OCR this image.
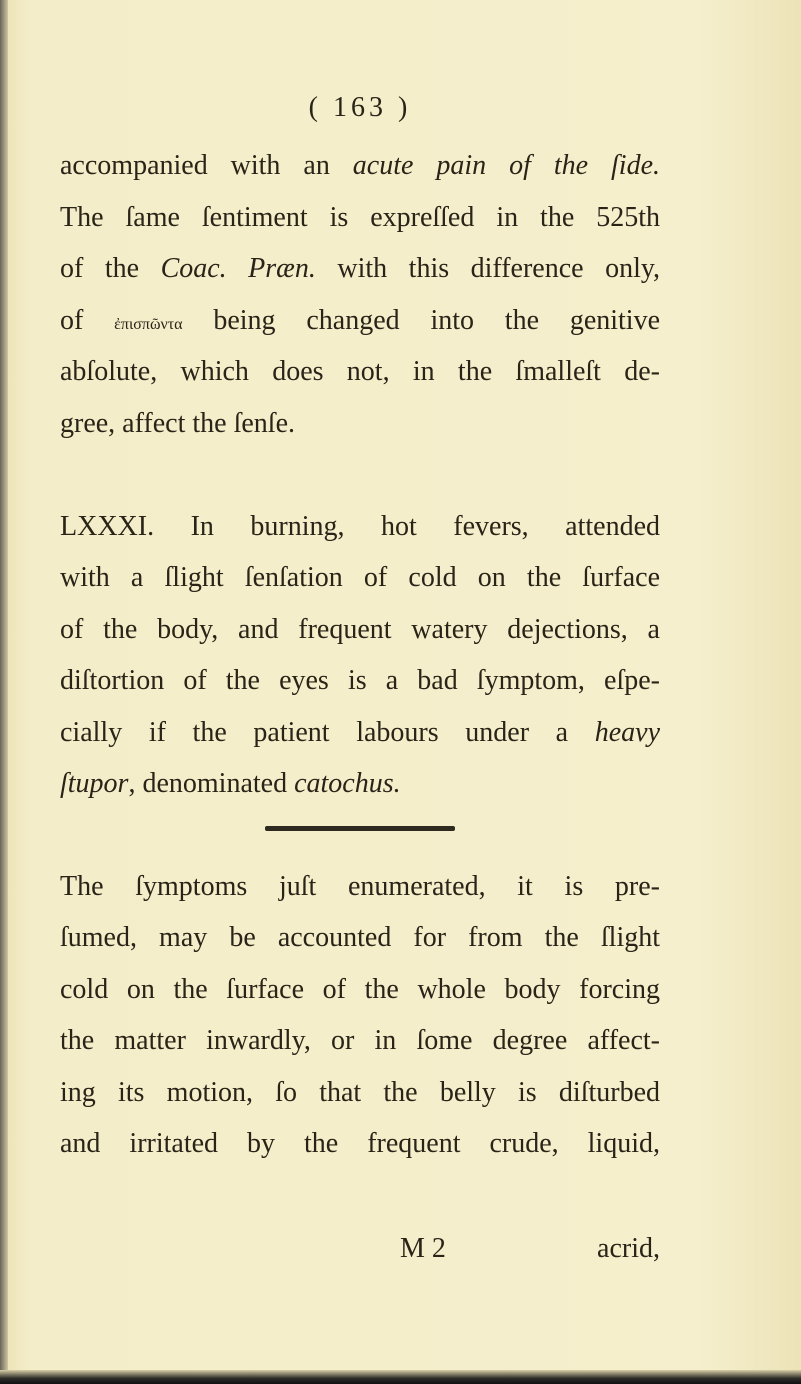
( 163 )
accompanied with an acute pain of the ſide.
The ſame ſentiment is expreſſed in the 525th
of the Coac. Præn. with this difference only,
of ἐπισπῶντα being changed into the genitive
abſolute, which does not, in the ſmalleſt de-
gree, affect the ſenſe.
LXXXI. In burning, hot fevers, attended
with a ſlight ſenſation of cold on the ſurface
of the body, and frequent watery dejections, a
diſtortion of the eyes is a bad ſymptom, eſpe-
cially if the patient labours under a heavy
ſtupor, denominated catochus.
The ſymptoms juſt enumerated, it is pre-
ſumed, may be accounted for from the ſlight
cold on the ſurface of the whole body forcing
the matter inwardly, or in ſome degree affect-
ing its motion, ſo that the belly is diſturbed
and irritated by the frequent crude, liquid,
M 2	acrid,
